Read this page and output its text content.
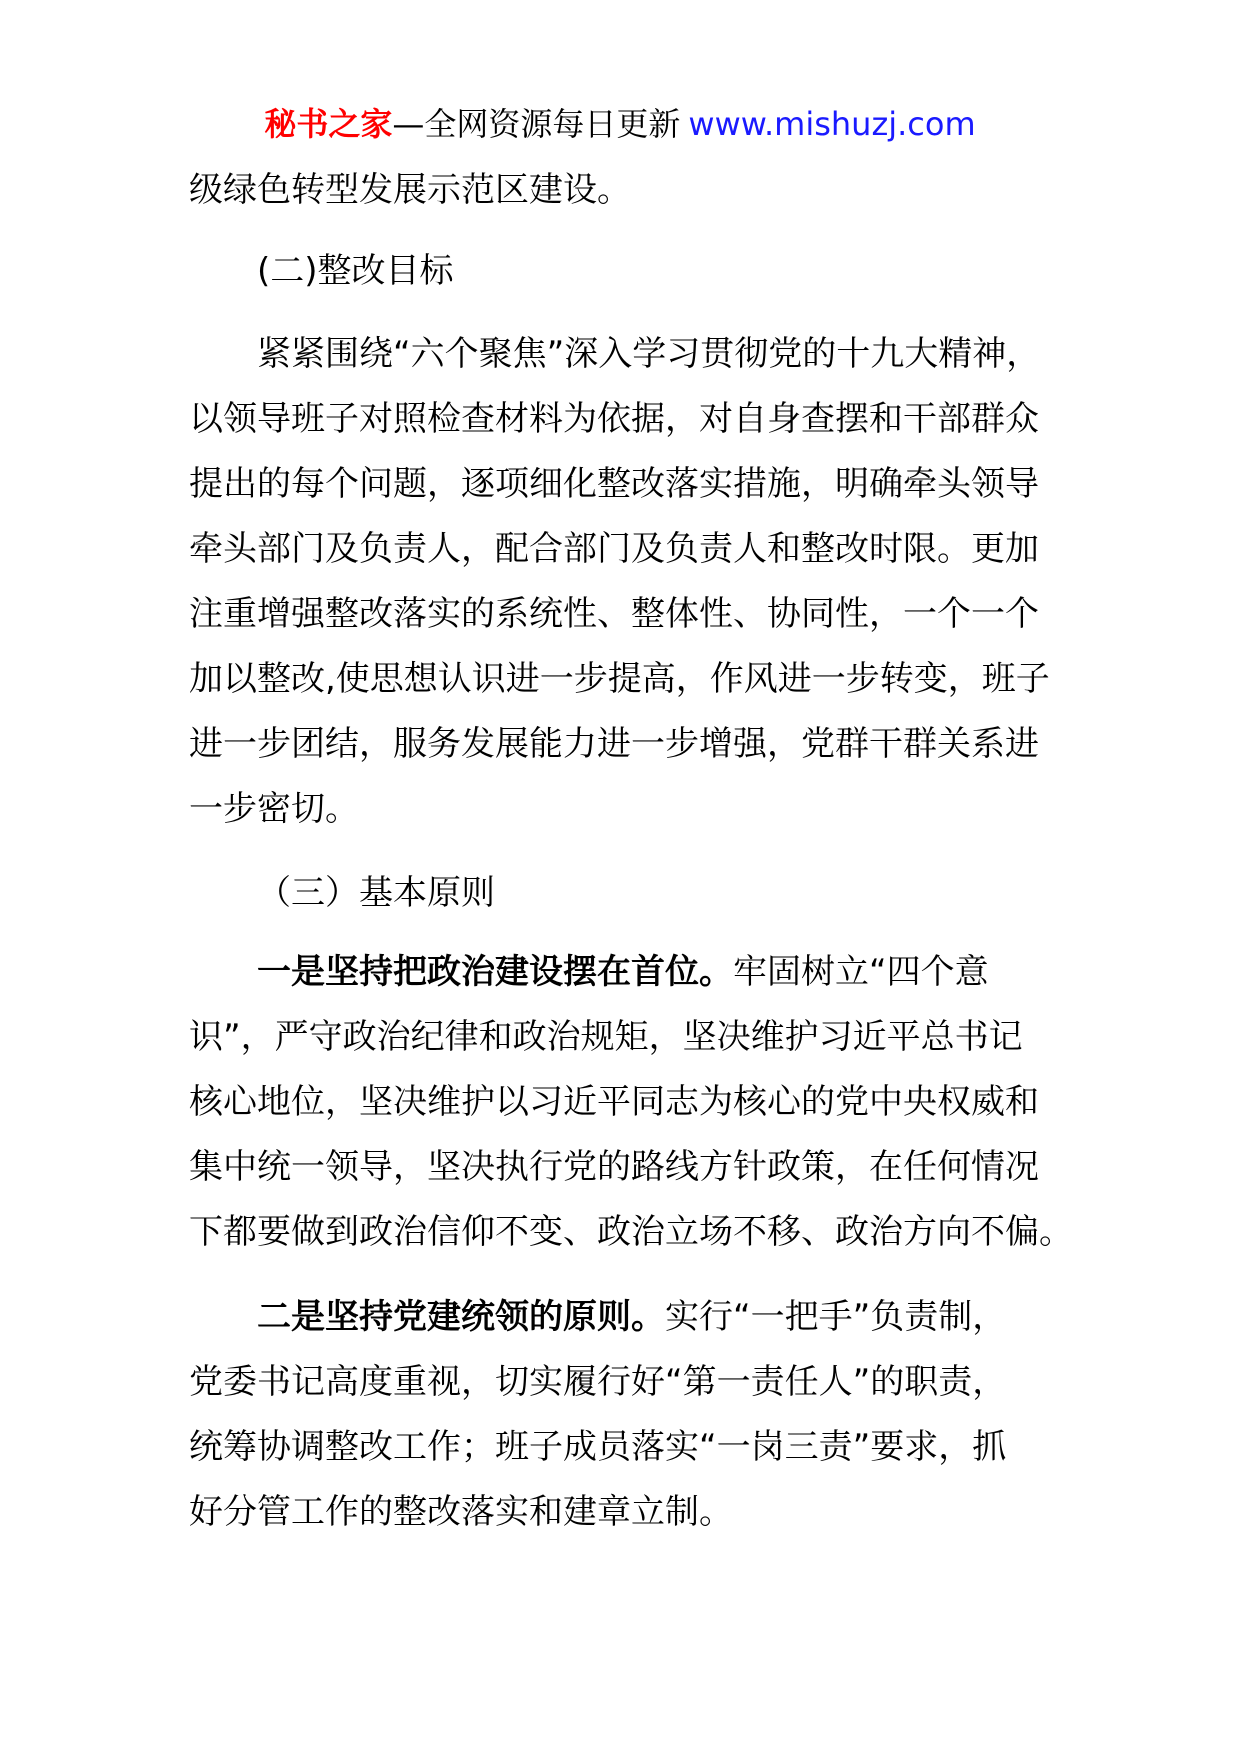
秘书之家—全网资源每日更新 www.mishuzj.com
级绿色转型发展示范区建设。
(二)整改目标
紧紧围绕“六个聚焦”深入学习贯彻党的十九大精神，
以领导班子对照检查材料为依据，对自身查摆和干部群众
提出的每个问题，逐项细化整改落实措施，明确牵头领导
牵头部门及负责人，配合部门及负责人和整改时限。更加
注重增强整改落实的系统性、整体性、协同性，一个一个
加以整改,使思想认识进一步提高，作风进一步转变，班子
进一步团结，服务发展能力进一步增强，党群干群关系进
一步密切。
（三）基本原则
一是坚持把政治建设摆在首位。牢固树立“四个意
识”，严守政治纪律和政治规矩，坚决维护习近平总书记
核心地位，坚决维护以习近平同志为核心的党中央权威和
集中统一领导，坚决执行党的路线方针政策，在任何情况
下都要做到政治信仰不变、政治立场不移、政治方向不偏。
二是坚持党建统领的原则。实行“一把手”负责制，
党委书记高度重视，切实履行好“第一责任人”的职责，
统筹协调整改工作；班子成员落实“一岗三责”要求，抓
好分管工作的整改落实和建章立制。
